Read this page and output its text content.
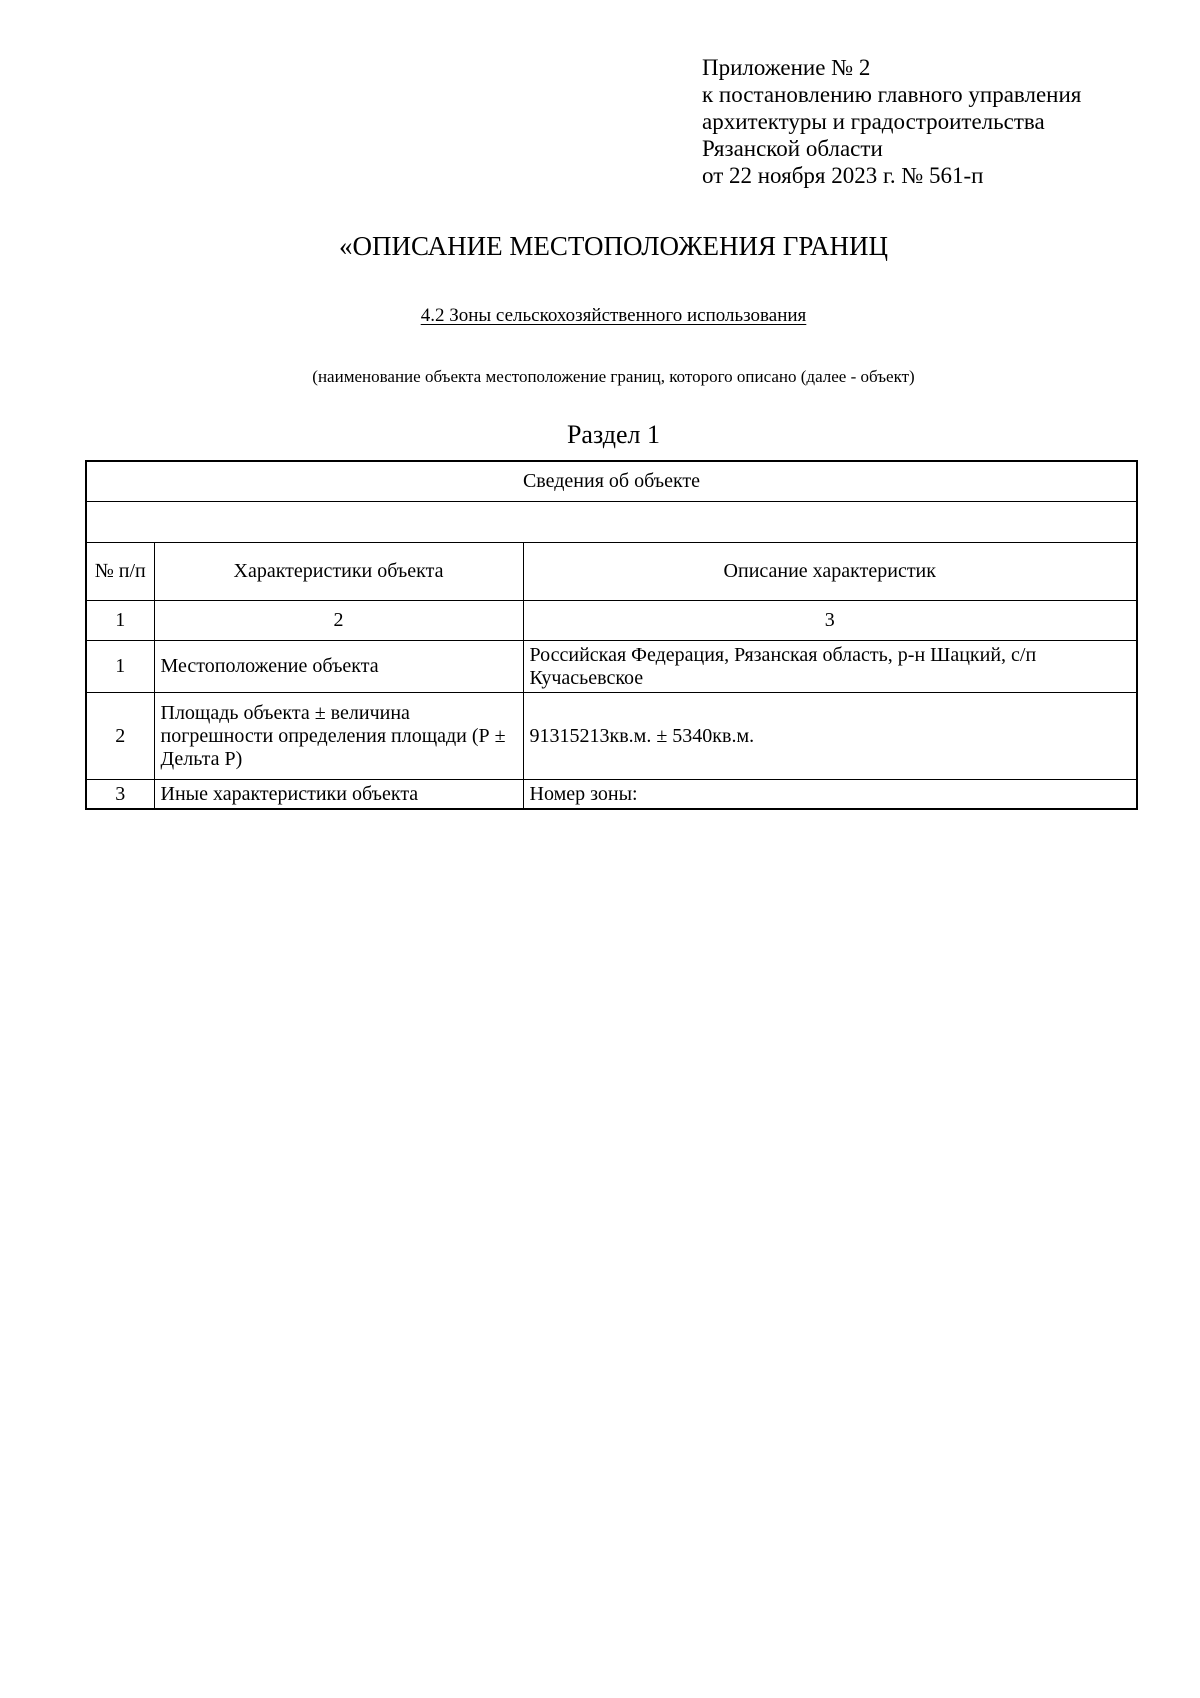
Приложение № 2
к постановлению главного управления
архитектуры и градостроительства
Рязанской области
от 22 ноября 2023 г. № 561-п
«ОПИСАНИЕ МЕСТОПОЛОЖЕНИЯ ГРАНИЦ
4.2 Зоны сельскохозяйственного использования
(наименование объекта местоположение границ, которого описано (далее - объект)
Раздел 1
Сведения об объекте		

№ п/п	Характеристики объекта	Описание характеристик
1	2	3
1	Местоположение объекта	Российская Федерация, Рязанская область, р-н Шацкий, с/п Кучасьевское
2	Площадь объекта ± величина погрешности определения площади (Р ± Дельта Р)	91315213кв.м. ± 5340кв.м.
3	Иные характеристики объекта	Номер зоны:
